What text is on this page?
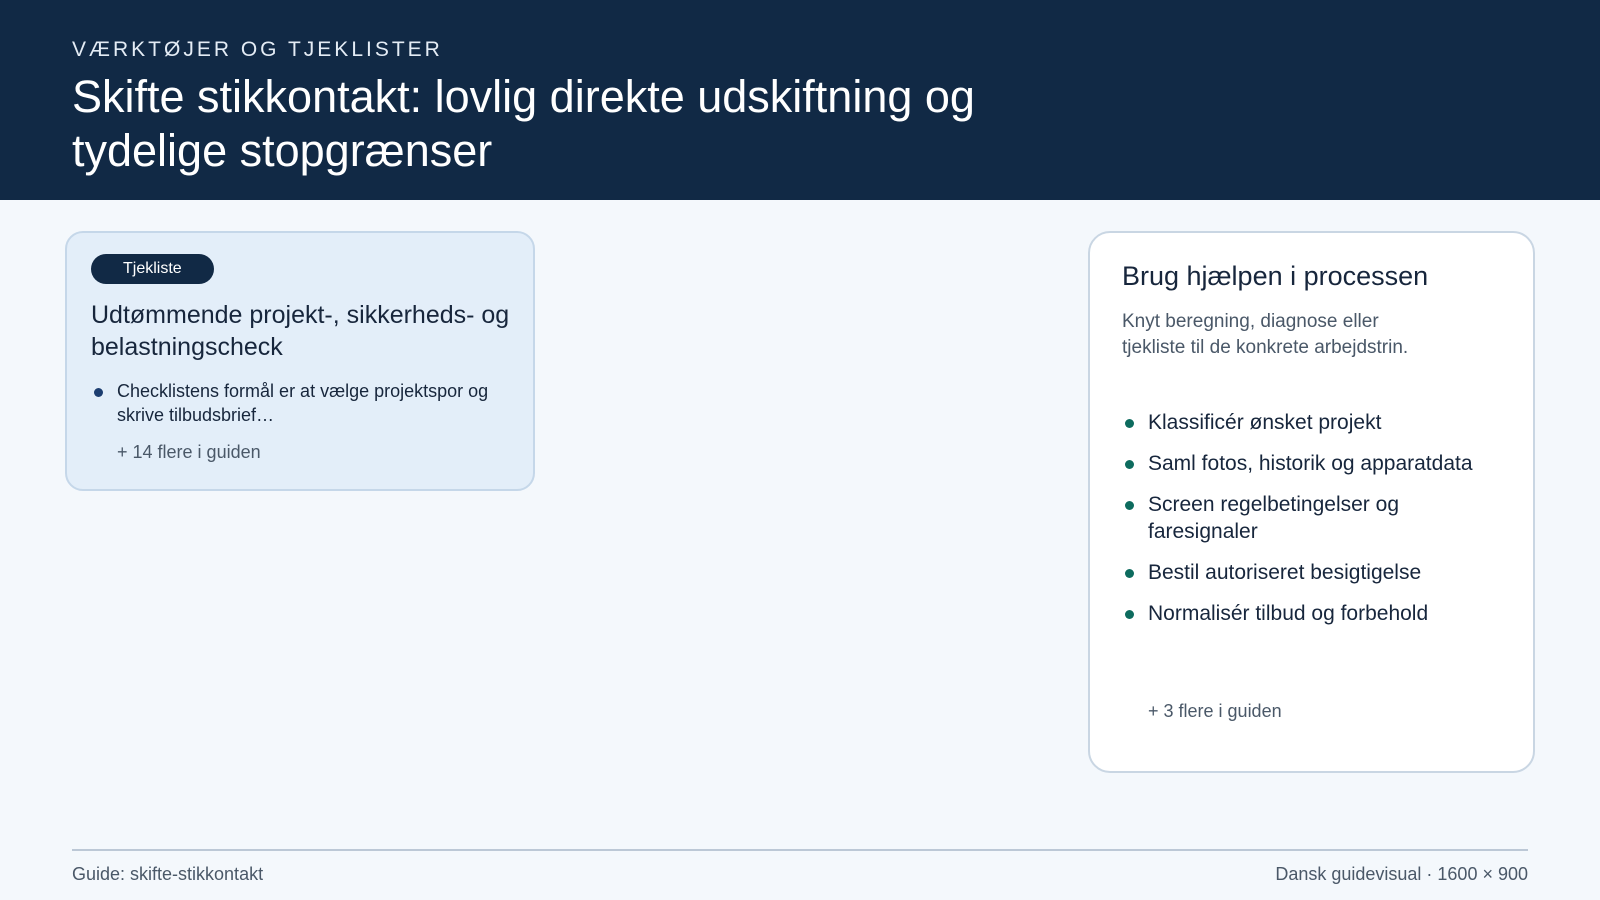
VÆRKTØJER OG TJEKLISTER
Skifte stikkontakt: lovlig direkte udskiftning og tydelige stopgrænser
Tjekliste
Udtømmende projekt-, sikkerheds- og belastningscheck
Checklistens formål er at vælge projektspor og skrive tilbudsbrief…
+ 14 flere i guiden
Brug hjælpen i processen
Knyt beregning, diagnose eller tjekliste til de konkrete arbejdstrin.
Klassificér ønsket projekt
Saml fotos, historik og apparatdata
Screen regelbetingelser og faresignaler
Bestil autoriseret besigtigelse
Normalisér tilbud og forbehold
+ 3 flere i guiden
Guide: skifte-stikkontakt	Dansk guidevisual · 1600 × 900
